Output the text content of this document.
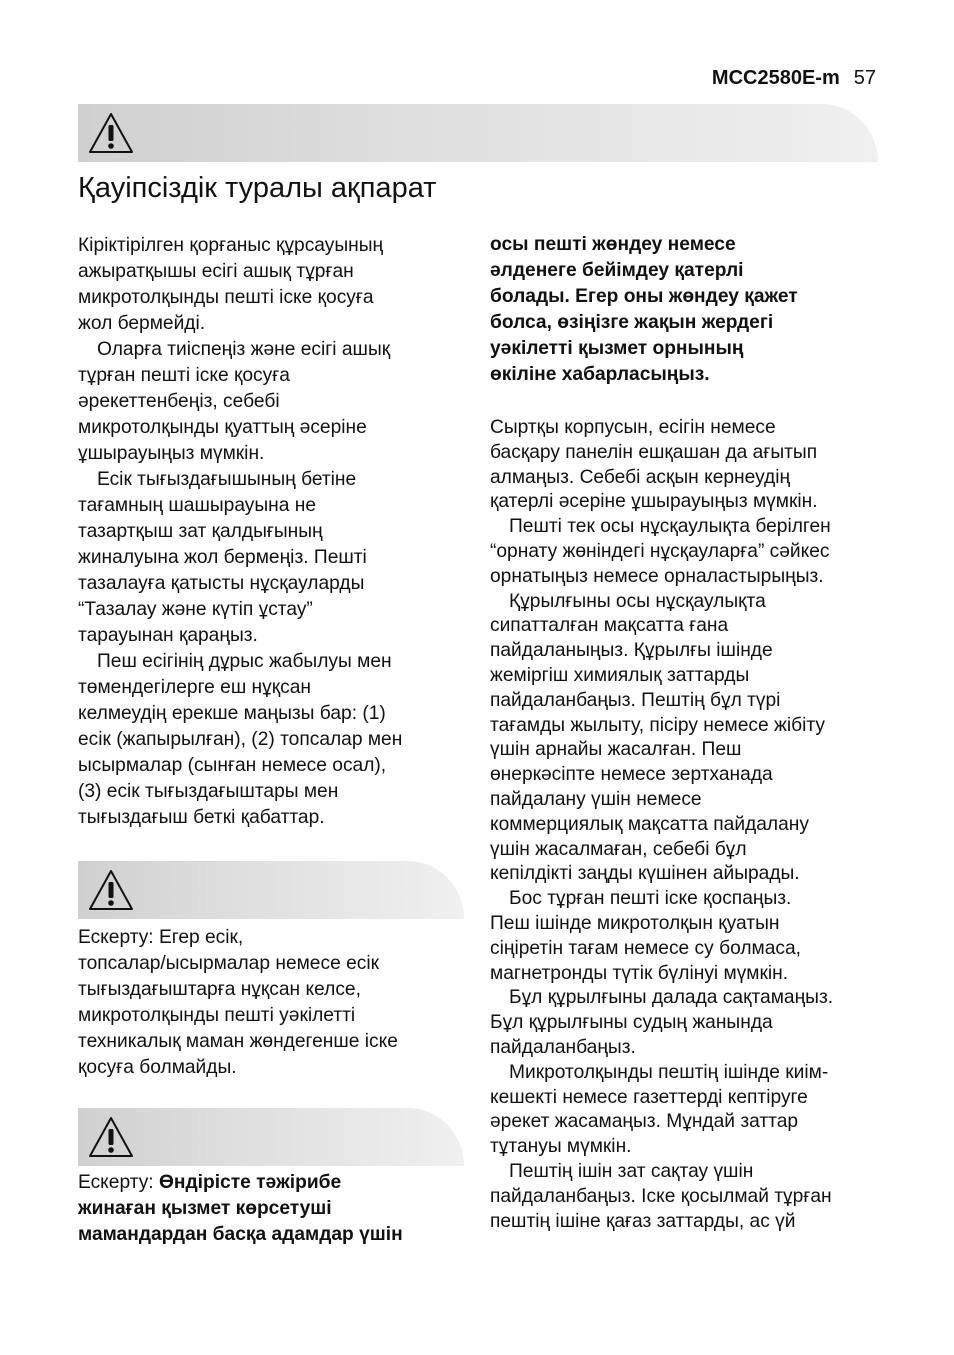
MCC2580E-m 57
Қауіпсіздік туралы ақпарат

Кіріктірілген қорғаныс құрсауының

ажыратқышы есігі ашық тұрған

микротолқынды пешті іске қосуға

жол бермейді.

Оларға тиіспеңіз және есігі ашық

тұрған пешті іске қосуға

әрекеттенбеңіз, себебі

микротолқынды қуаттың әсеріне

ұшырауыңыз мүмкін.

Есік тығыздағышының бетіне

тағамның шашырауына не

тазартқыш зат қалдығының

жиналуына жол бермеңіз. Пешті

тазалауға қатысты нұсқауларды

“Тазалау және күтіп ұстау”

тарауынан қараңыз.

Пеш есігінің дұрыс жабылуы мен

төмендегілерге еш нұқсан

келмеудің ерекше маңызы бар: (1)

есік (жапырылған), (2) топсалар мен

ысырмалар (сынған немесе осал),

(3) есік тығыздағыштары мен

тығыздағыш беткі қабаттар.

Ескерту: Егер есік,

топсалар/ысырмалар немесе есік

тығыздағыштарға нұқсан келсе,

микротолқынды пешті уәкілетті

техникалық маман жөндегенше іске

қосуға болмайды.

Ескерту: Өндірісте тәжірибе

жинаған қызмет көрсетуші

мамандардан басқа адамдар үшін

осы пешті жөндеу немесе

әлденеге бейімдеу қатерлі

болады. Егер оны жөндеу қажет

болса, өзіңізге жақын жердегі

уәкілетті қызмет орнының

өкіліне хабарласыңыз.

Сыртқы корпусын, есігін немесе

басқару панелін ешқашан да ағытып

алмаңыз. Себебі асқын кернеудің

қатерлі әсеріне ұшырауыңыз мүмкін.

Пешті тек осы нұсқаулықта берілген

“орнату жөніндегі нұсқауларға” сәйкес

орнатыңыз немесе орналастырыңыз.

Құрылғыны осы нұсқаулықта

сипатталған мақсатта ғана

пайдаланыңыз. Құрылғы ішінде

жемiргiш химиялық заттарды

пайдаланбаңыз. Пештің бұл түрі

тағамды жылыту, пісіру немесе жібіту

үшін арнайы жасалған. Пеш

өнеркәсіпте немесе зертханада

пайдалану үшін немесе

коммерциялық мақсатта пайдалану

үшін жасалмаған, себебі бұл

кепілдікті заңды күшінен айырады.

Бос тұрған пешті іске қоспаңыз.

Пеш ішінде микротолқын қуатын

сіңіретін тағам немесе су болмаса,

магнетронды түтік бүлінуі мүмкін.

Бұл құрылғыны далада сақтамаңыз.

Бұл құрылғыны судың жанында

пайдаланбаңыз.

Микротолқынды пештің ішінде киім-

кешекті немесе газеттерді кептіруге

әрекет жасамаңыз. Мұндай заттар

тұтануы мүмкін.

Пештің ішін зат сақтау үшін

пайдаланбаңыз. Іске қосылмай тұрған

пештің ішіне қағаз заттарды, ас үй
